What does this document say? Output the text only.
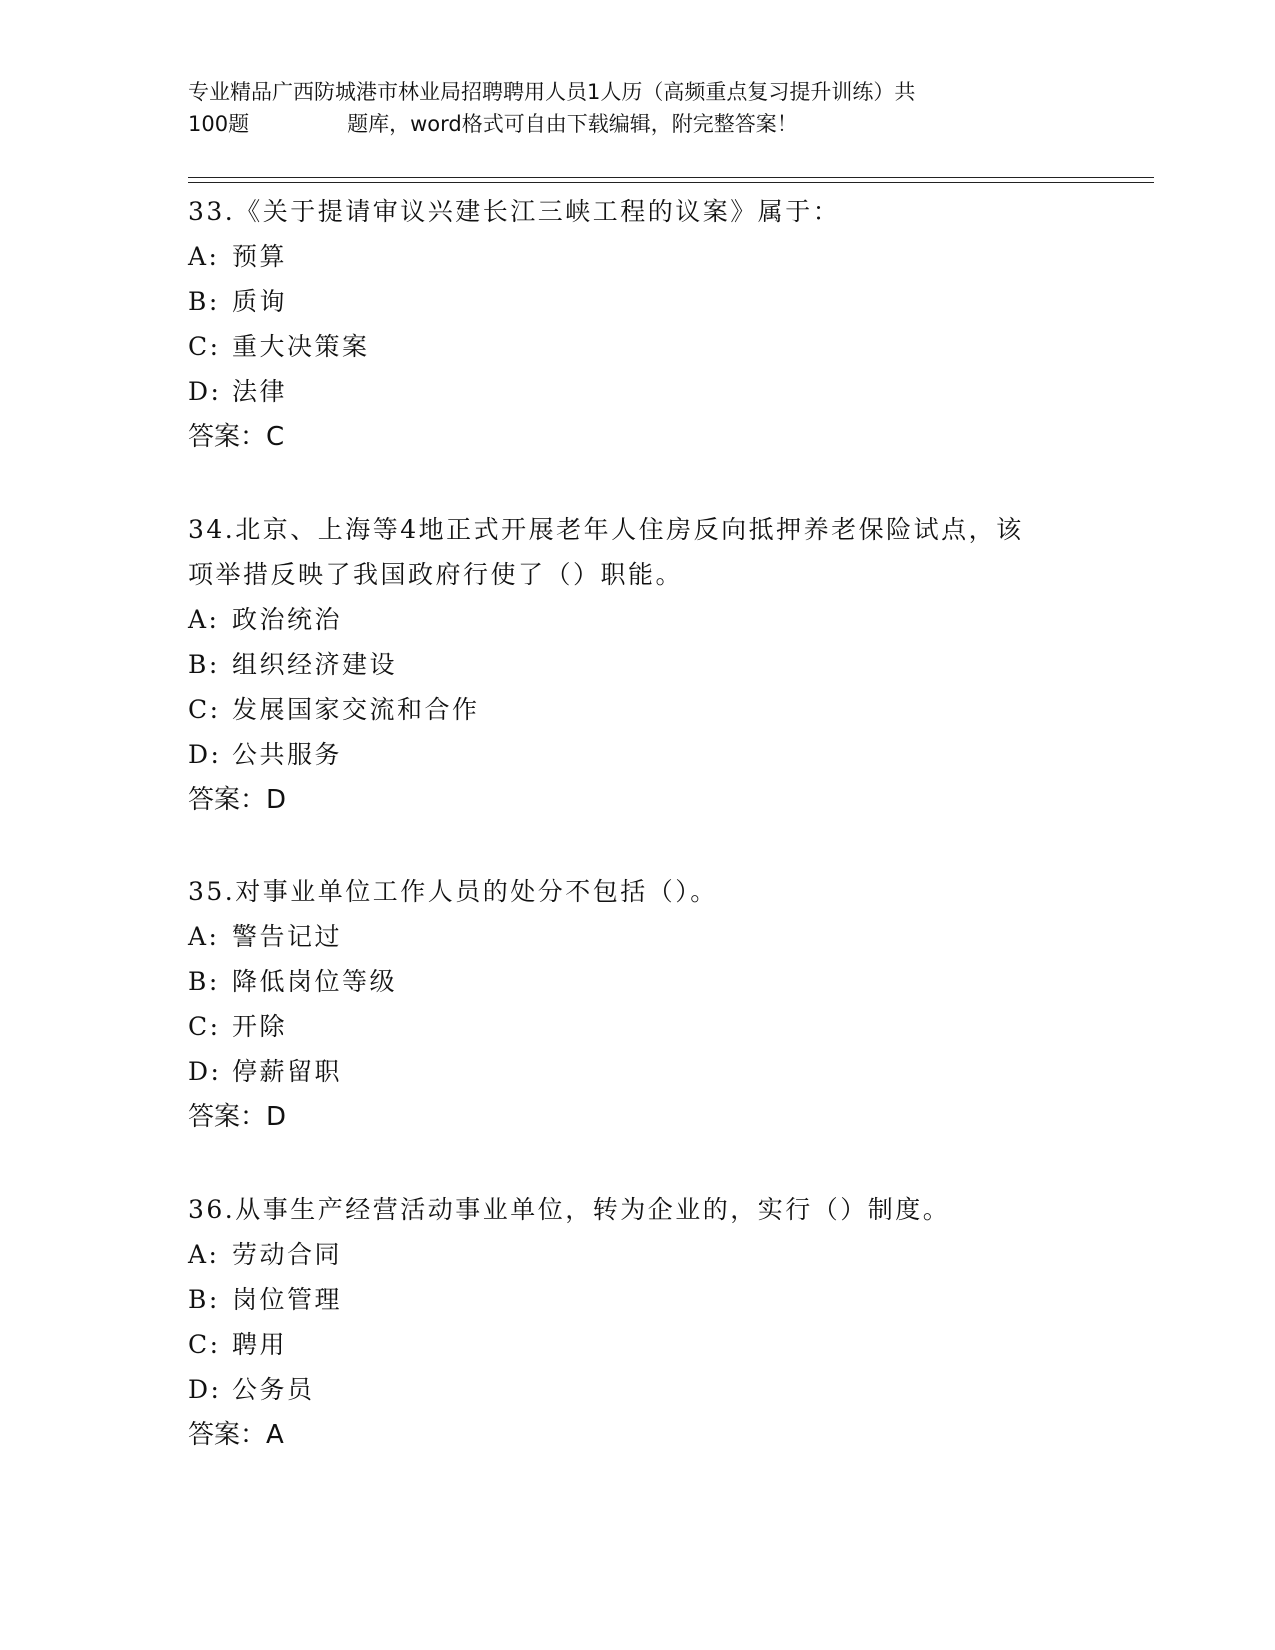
专业精品广西防城港市林业局招聘聘用人员1人历（高频重点复习提升训练）共
100题	题库，word格式可自由下载编辑，附完整答案！

33.《关于提请审议兴建长江三峡工程的议案》属于：

A: 预算
B: 质询
C: 重大决策案
D: 法律
答案：C

34.北京、上海等4地正式开展老年人住房反向抵押养老保险试点，该项举措反映了我国政府行使了（）职能。

A: 政治统治
B: 组织经济建设
C: 发展国家交流和合作
D: 公共服务
答案：D

35.对事业单位工作人员的处分不包括（）。

A: 警告记过
B: 降低岗位等级
C: 开除
D: 停薪留职
答案：D

36.从事生产经营活动事业单位，转为企业的，实行（）制度。

A: 劳动合同
B: 岗位管理
C: 聘用
D: 公务员
答案：A
